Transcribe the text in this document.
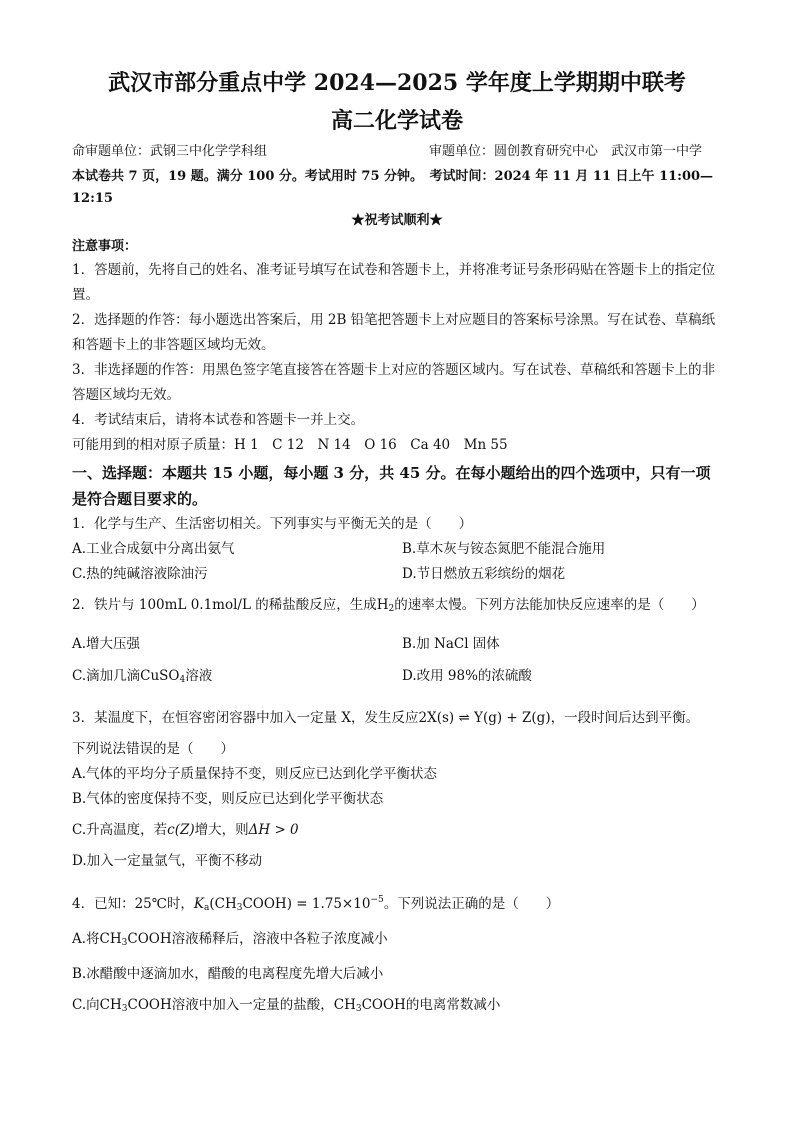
武汉市部分重点中学 2024—2025 学年度上学期期中联考
高二化学试卷
命审题单位：武钢三中化学学科组	审题单位：圆创教育研究中心　武汉市第一中学
本试卷共 7 页，19 题。满分 100 分。考试用时 75 分钟。　考试时间：2024 年 11 月 11 日上午 11:00—12:15
★祝考试顺利★
注意事项：
1．答题前，先将自己的姓名、准考证号填写在试卷和答题卡上，并将准考证号条形码贴在答题卡上的指定位置。
2．选择题的作答：每小题选出答案后，用 2B 铅笔把答题卡上对应题目的答案标号涂黑。写在试卷、草稿纸和答题卡上的非答题区域均无效。
3．非选择题的作答：用黑色签字笔直接答在答题卡上对应的答题区域内。写在试卷、草稿纸和答题卡上的非答题区域均无效。
4．考试结束后，请将本试卷和答题卡一并上交。
可能用到的相对原子质量：H 1　C 12　N 14　O 16　Ca 40　Mn 55
一、选择题：本题共 15 小题，每小题 3 分，共 45 分。在每小题给出的四个选项中，只有一项是符合题目要求的。
1．化学与生产、生活密切相关。下列事实与平衡无关的是（　　）
A.工业合成氨中分离出氨气	B.草木灰与铵态氮肥不能混合施用
C.热的纯碱溶液除油污	D.节日燃放五彩缤纷的烟花
2．铁片与 100mL 0.1mol/L 的稀盐酸反应，生成$H_2$的速率太慢。下列方法能加快反应速率的是（　　）
A.增大压强	B.加 NaCl 固体
C.滴加几滴CuSO$_4$溶液	D.改用 98%的浓硫酸
3．某温度下，在恒容密闭容器中加入一定量 X，发生反应2X(s) ⇌ Y(g) + Z(g)，一段时间后达到平衡。
下列说法错误的是（　　）
A.气体的平均分子质量保持不变，则反应已达到化学平衡状态
B.气体的密度保持不变，则反应已达到化学平衡状态
C.升高温度，若c(Z)增大，则ΔH > 0
D.加入一定量氩气，平衡不移动
4．已知：25℃时，$K_a(CH_3COOH) = 1.75\times 10^{-5}$。下列说法正确的是（　　）
A.将$CH_3COOH$溶液稀释后，溶液中各粒子浓度减小
B.冰醋酸中逐滴加水，醋酸的电离程度先增大后减小
C.向$CH_3COOH$溶液中加入一定量的盐酸，$CH_3COOH$的电离常数减小
